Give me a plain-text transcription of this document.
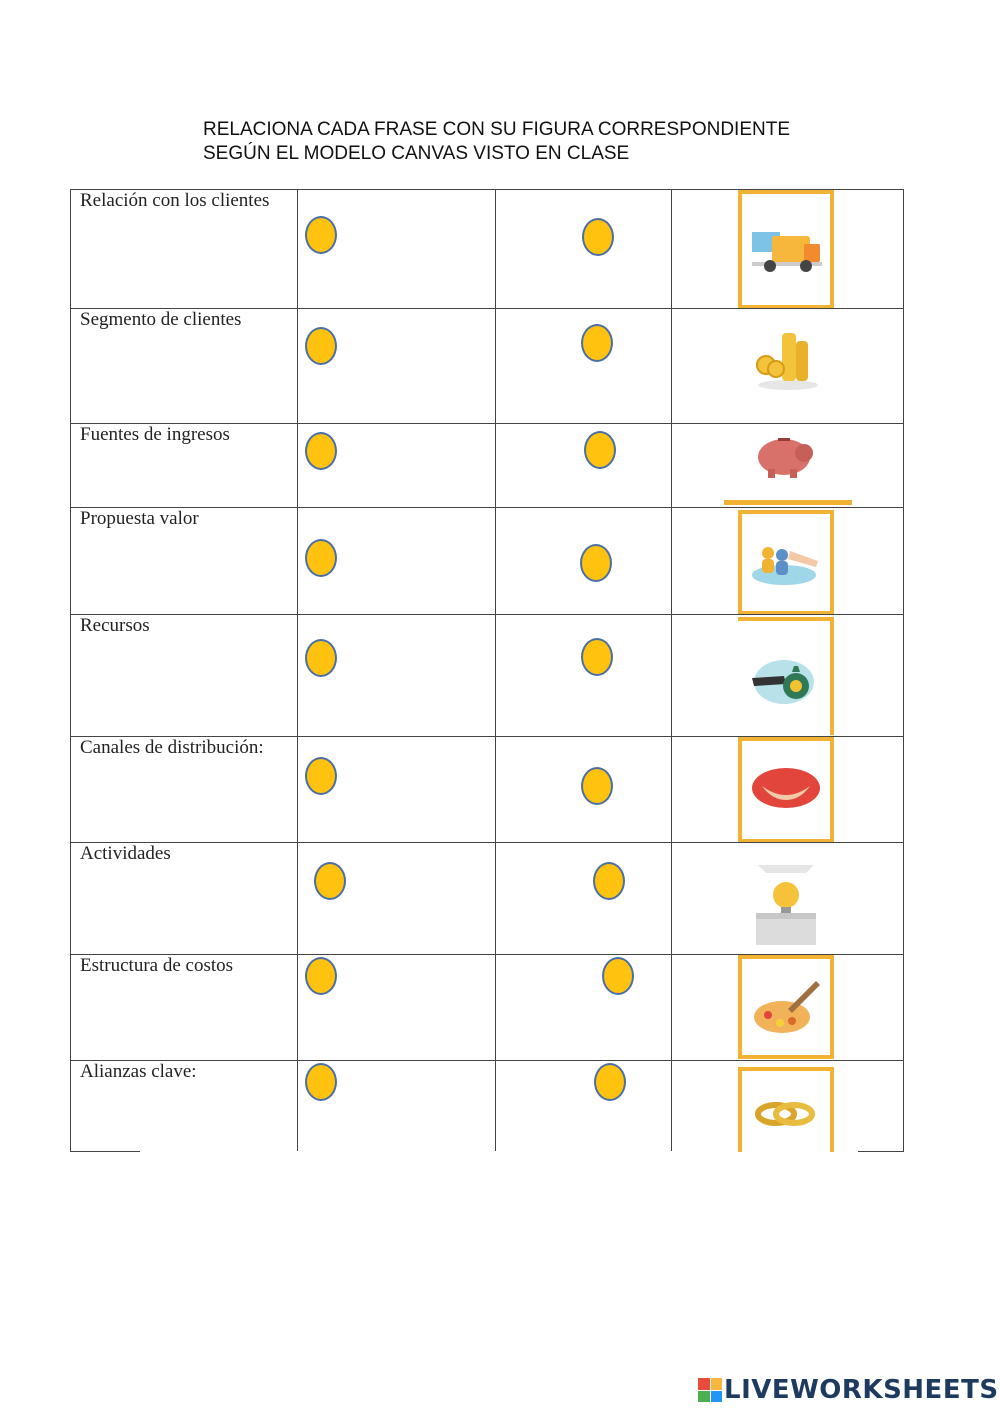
RELACIONA CADA FRASE CON SU FIGURA CORRESPONDIENTE
SEGÚN EL MODELO CANVAS VISTO EN CLASE
Relación con los clientes
Segmento de clientes
Fuentes de ingresos
Propuesta valor
Recursos
Canales de distribución:
Actividades
Estructura de costos
Alianzas clave:
LIVEWORKSHEETS
